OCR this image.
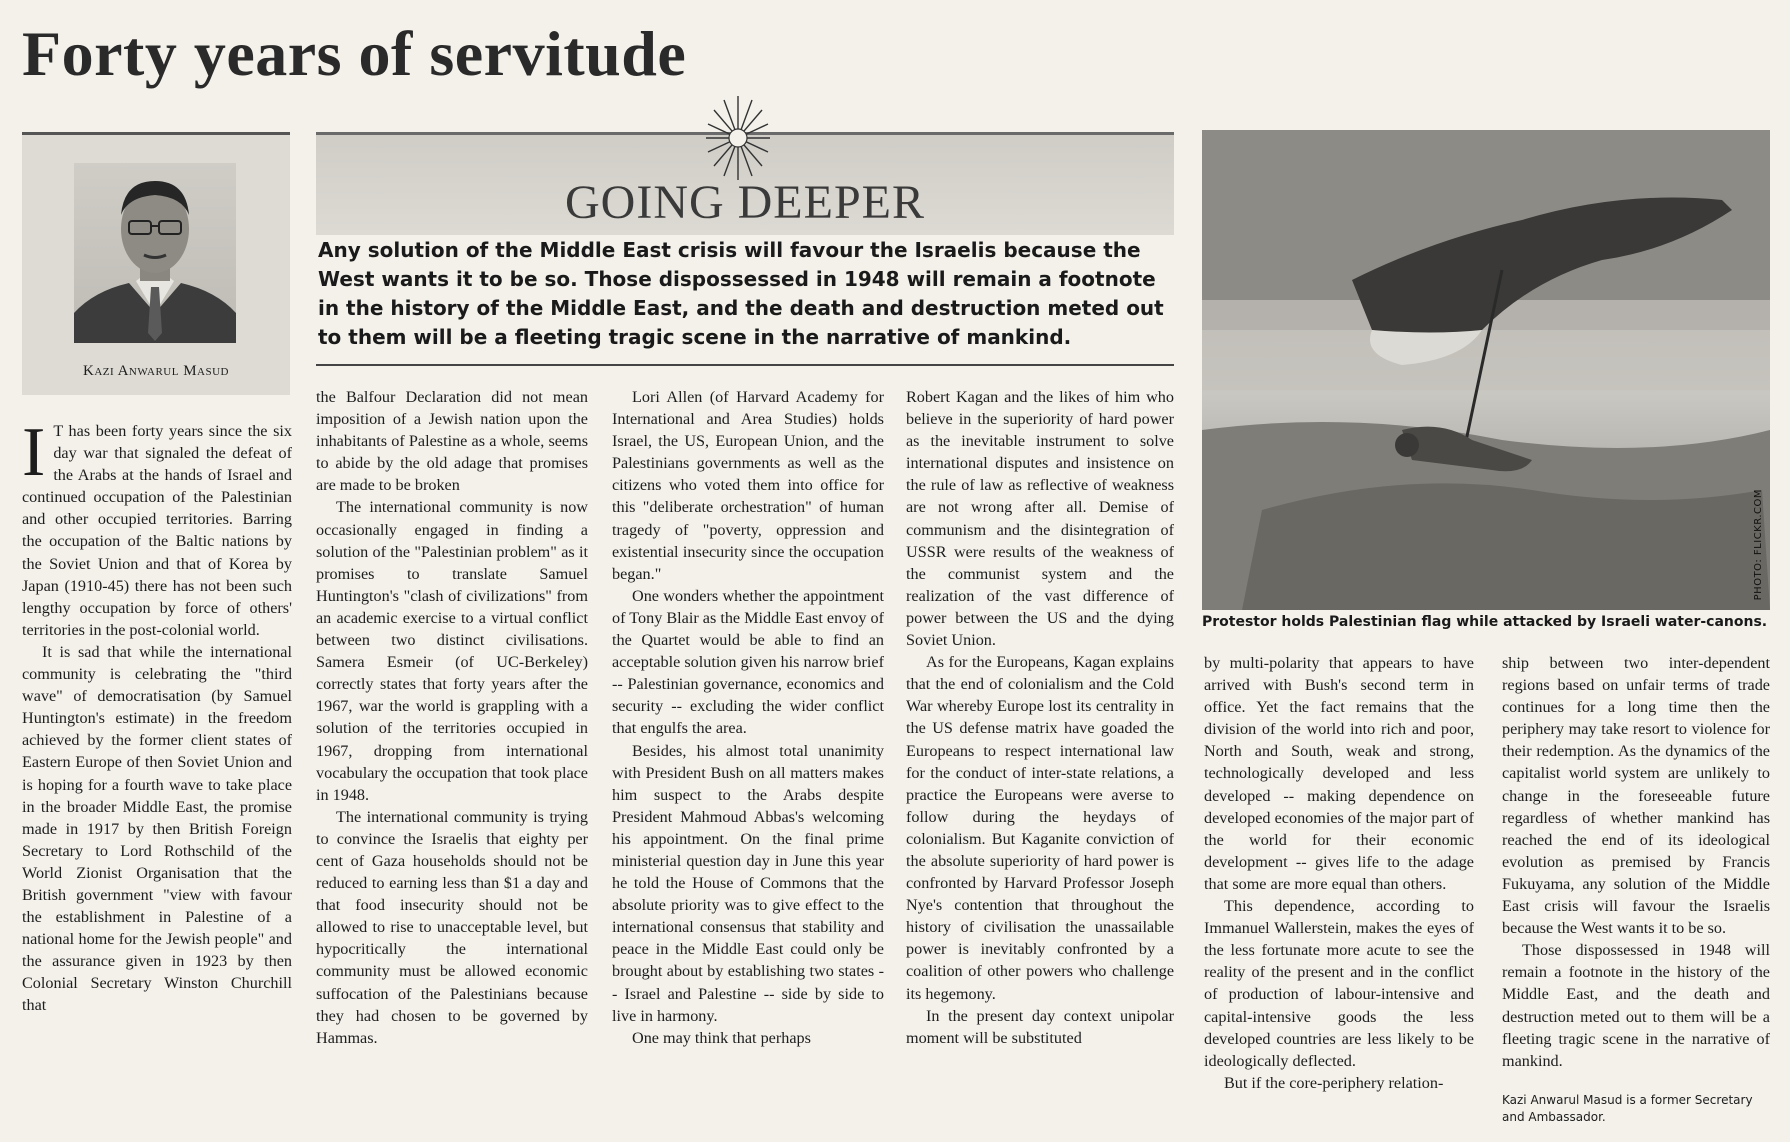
Forty years of servitude
Kazi Anwarul Masud
GOING DEEPER

Any solution of the Middle East crisis will favour the Israelis because the West wants it to be so. Those dispossessed in 1948 will remain a footnote in the history of the Middle East, and the death and destruction meted out to them will be a fleeting tragic scene in the narrative of mankind.

I T has been forty years since the six day war that signaled the defeat of the Arabs at the hands of Israel and continued occupation of the Palestinian and other occupied territories. Barring the occupation of the Baltic nations by the Soviet Union and that of Korea by Japan (1910-45) there has not been such lengthy occupation by force of others' territories in the post-colonial world.

It is sad that while the international community is celebrating the "third wave" of democratisation (by Samuel Huntington's estimate) in the freedom achieved by the former client states of Eastern Europe of then Soviet Union and is hoping for a fourth wave to take place in the broader Middle East, the promise made in 1917 by then British Foreign Secretary to Lord Rothschild of the World Zionist Organisation that the British government "view with favour the establishment in Palestine of a national home for the Jewish people" and the assurance given in 1923 by then Colonial Secretary Winston Churchill that

the Balfour Declaration did not mean imposition of a Jewish nation upon the inhabitants of Palestine as a whole, seems to abide by the old adage that promises are made to be broken

The international community is now occasionally engaged in finding a solution of the "Palestinian problem" as it promises to translate Samuel Huntington's "clash of civilizations" from an academic exercise to a virtual conflict between two distinct civilisations. Samera Esmeir (of UC-Berkeley) correctly states that forty years after the 1967, war the world is grappling with a solution of the territories occupied in 1967, dropping from international vocabulary the occupation that took place in 1948.

The international community is trying to convince the Israelis that eighty per cent of Gaza households should not be reduced to earning less than $1 a day and that food insecurity should not be allowed to rise to unacceptable level, but hypocritically the international community must be allowed economic suffocation of the Palestinians because they had chosen to be governed by Hammas.

Lori Allen (of Harvard Academy for International and Area Studies) holds Israel, the US, European Union, and the Palestinians governments as well as the citizens who voted them into office for this "deliberate orchestration" of human tragedy of "poverty, oppression and existential insecurity since the occupation began."

One wonders whether the appointment of Tony Blair as the Middle East envoy of the Quartet would be able to find an acceptable solution given his narrow brief -- Palestinian governance, economics and security -- excluding the wider conflict that engulfs the area.

Besides, his almost total unanimity with President Bush on all matters makes him suspect to the Arabs despite President Mahmoud Abbas's welcoming his appointment. On the final prime ministerial question day in June this year he told the House of Commons that the absolute priority was to give effect to the international consensus that stability and peace in the Middle East could only be brought about by establishing two states -- Israel and Palestine -- side by side to live in harmony.

One may think that perhaps

Robert Kagan and the likes of him who believe in the superiority of hard power as the inevitable instrument to solve international disputes and insistence on the rule of law as reflective of weakness are not wrong after all. Demise of communism and the disintegration of USSR were results of the weakness of the communist system and the realization of the vast difference of power between the US and the dying Soviet Union.

As for the Europeans, Kagan explains that the end of colonialism and the Cold War whereby Europe lost its centrality in the US defense matrix have goaded the Europeans to respect international law for the conduct of inter-state relations, a practice the Europeans were averse to follow during the heydays of colonialism. But Kaganite conviction of the absolute superiority of hard power is confronted by Harvard Professor Joseph Nye's contention that throughout the history of civilisation the unassailable power is inevitably confronted by a coalition of other powers who challenge its hegemony.

In the present day context unipolar moment will be substituted

PHOTO: FLICKR.COM
Protestor holds Palestinian flag while attacked by Israeli water-canons.

by multi-polarity that appears to have arrived with Bush's second term in office. Yet the fact remains that the division of the world into rich and poor, North and South, weak and strong, technologically developed and less developed -- making dependence on developed economies of the major part of the world for their economic development -- gives life to the adage that some are more equal than others.

This dependence, according to Immanuel Wallerstein, makes the eyes of the less fortunate more acute to see the reality of the present and in the conflict of production of labour-intensive and capital-intensive goods the less developed countries are less likely to be ideologically deflected.

But if the core-periphery relation-

ship between two inter-dependent regions based on unfair terms of trade continues for a long time then the periphery may take resort to violence for their redemption. As the dynamics of the capitalist world system are unlikely to change in the foreseeable future regardless of whether mankind has reached the end of its ideological evolution as premised by Francis Fukuyama, any solution of the Middle East crisis will favour the Israelis because the West wants it to be so.

Those dispossessed in 1948 will remain a footnote in the history of the Middle East, and the death and destruction meted out to them will be a fleeting tragic scene in the narrative of mankind.

Kazi Anwarul Masud is a former Secretary and Ambassador.
